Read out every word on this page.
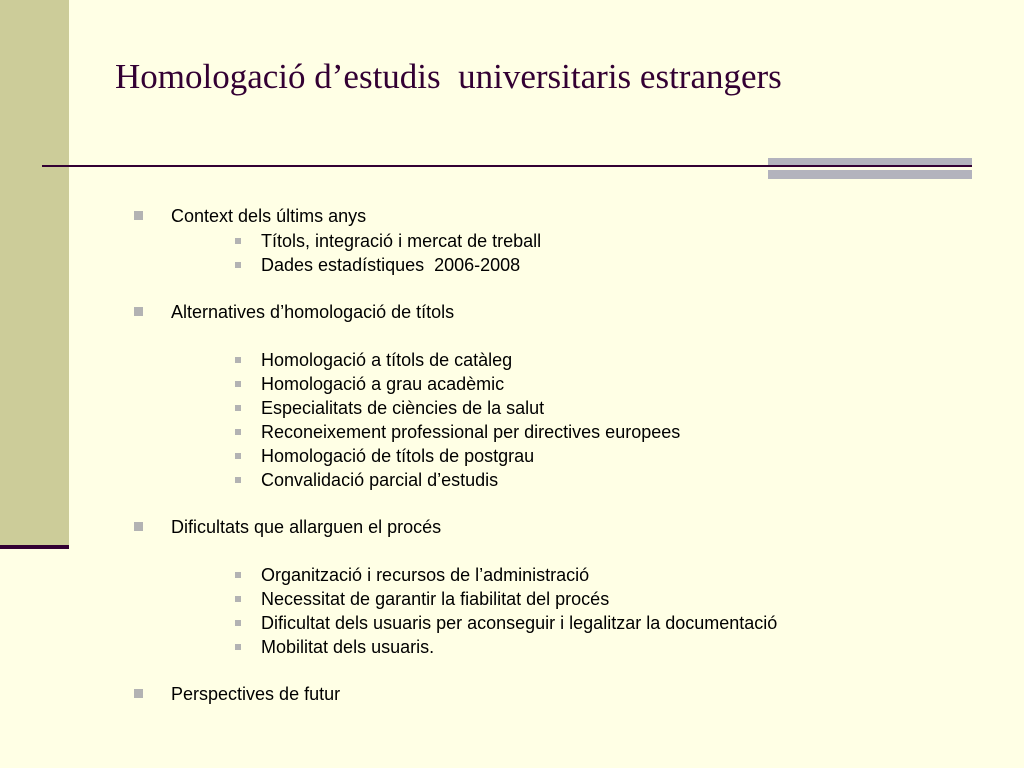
Homologació d’estudis  universitaris estrangers

Context dels últims anys

Títols, integració i mercat de treball

Dades estadístiques  2006-2008

Alternatives d’homologació de títols

Homologació a títols de catàleg

Homologació a grau acadèmic

Especialitats de ciències de la salut

Reconeixement professional per directives europees

Homologació de títols de postgrau

Convalidació parcial d’estudis

Dificultats que allarguen el procés

Organització i recursos de l’administració

Necessitat de garantir la fiabilitat del procés

Dificultat dels usuaris per aconseguir i legalitzar la documentació

Mobilitat dels usuaris.

Perspectives de futur
